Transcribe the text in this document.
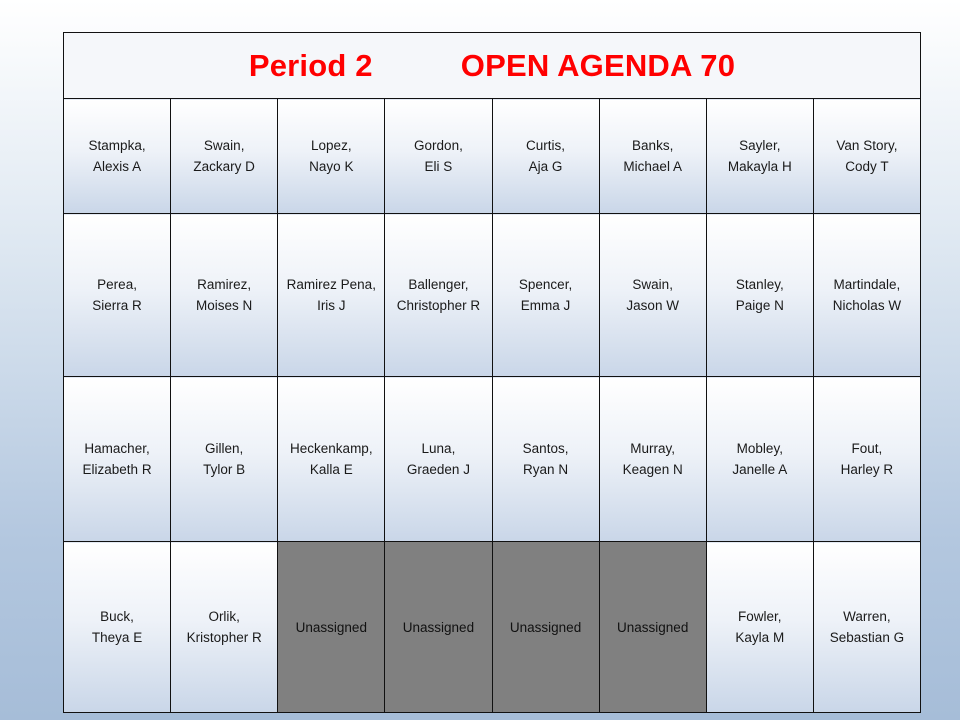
Period 2 OPEN AGENDA 70							

Stampka,
Alexis A	Swain,
Zackary D	Lopez,
Nayo K	Gordon,
Eli S	Curtis,
Aja G	Banks,
Michael A	Sayler,
Makayla H	Van Story,
Cody T

Perea,
Sierra R	Ramirez,
Moises N	Ramirez Pena,
Iris J	Ballenger,
Christopher R	Spencer,
Emma J	Swain,
Jason W	Stanley,
Paige N	Martindale,
Nicholas W

Hamacher,
Elizabeth R	Gillen,
Tylor B	Heckenkamp,
Kalla E	Luna,
Graeden J	Santos,
Ryan N	Murray,
Keagen N	Mobley,
Janelle A	Fout,
Harley R

Buck,
Theya E	Orlik,
Kristopher R	Unassigned	Unassigned	Unassigned	Unassigned	Fowler,
Kayla M	Warren,
Sebastian G
